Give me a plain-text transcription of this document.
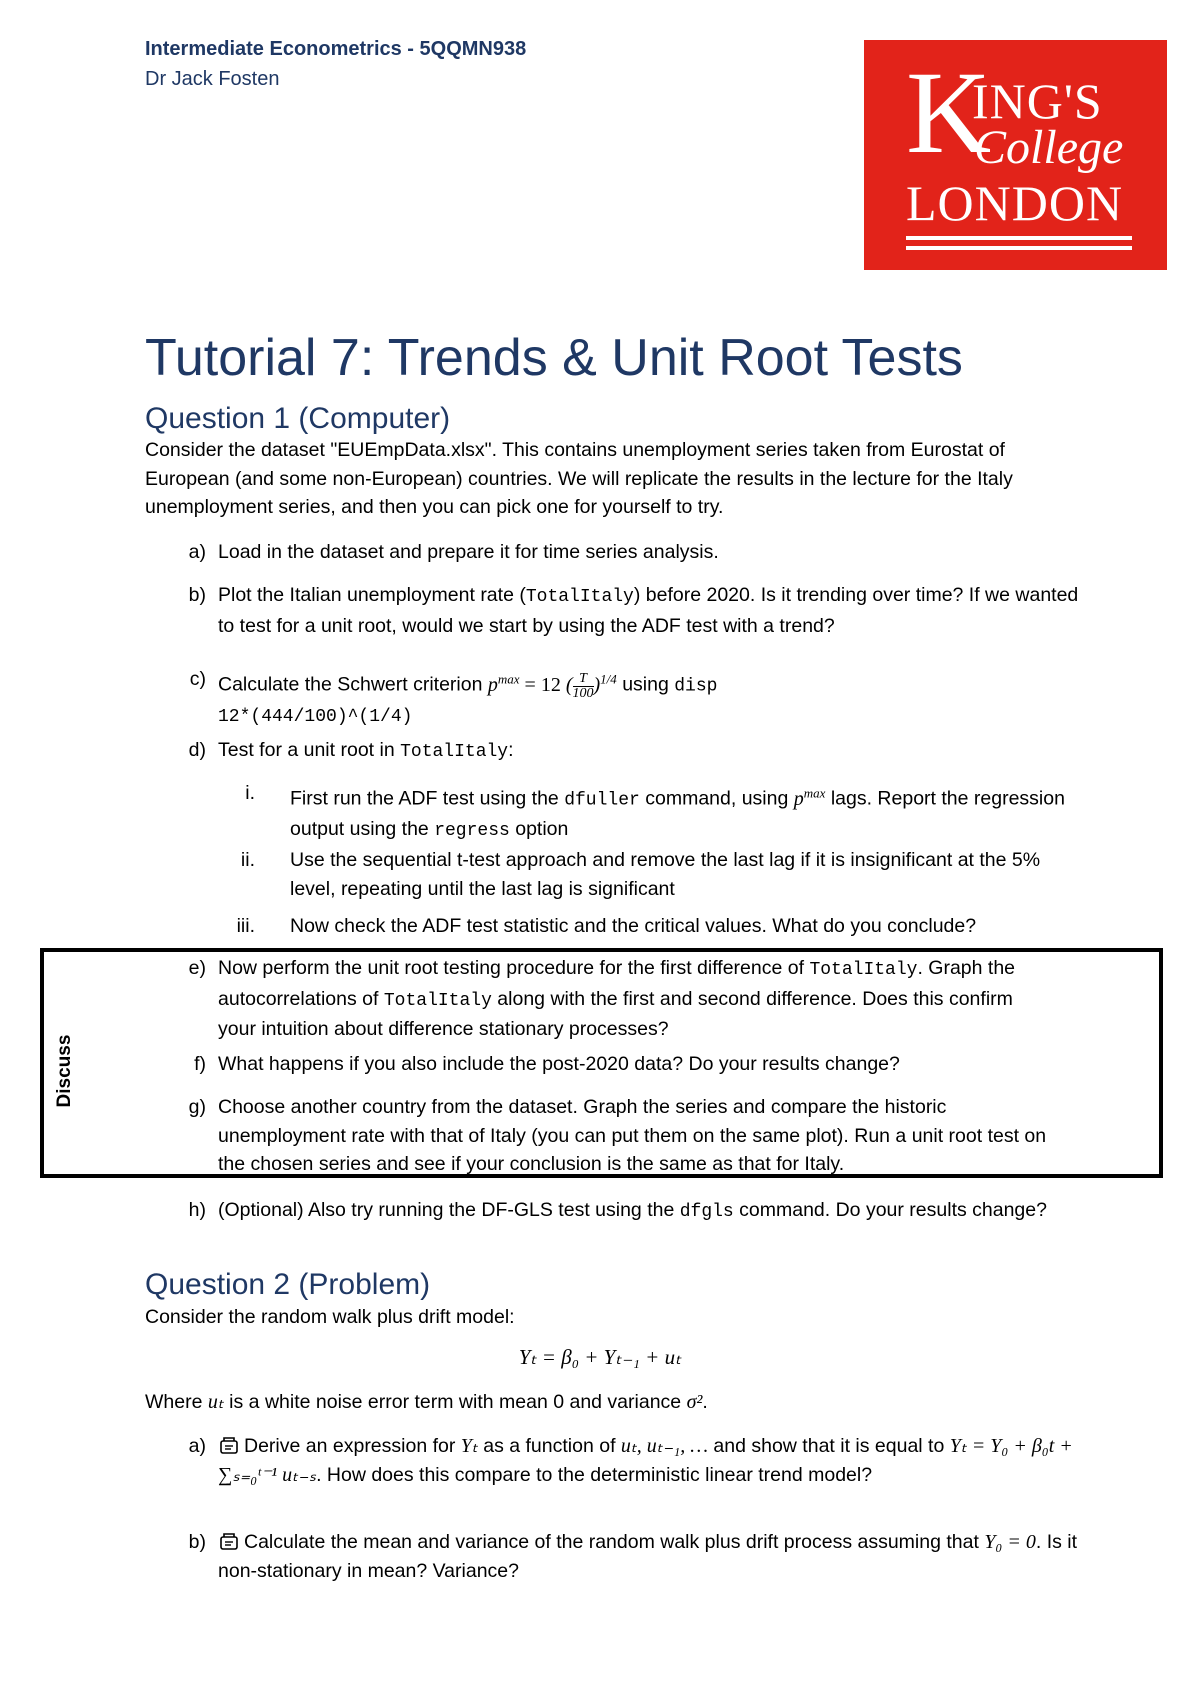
Intermediate Econometrics - 5QQMN938
Dr Jack Fosten	K
ING'S
College
LONDON
Tutorial 7: Trends & Unit Root Tests
Question 1 (Computer)
Consider the dataset "EUEmpData.xlsx". This contains unemployment series taken from Eurostat of European (and some non-European) countries. We will replicate the results in the lecture for the Italy unemployment series, and then you can pick one for yourself to try.
a) Load in the dataset and prepare it for time series analysis.
b) Plot the Italian unemployment rate (TotalItaly) before 2020. Is it trending over time? If we wanted to test for a unit root, would we start by using the ADF test with a trend?
c) Calculate the Schwert criterion $p^{max} = 12$ ( $\frac{T}{100} )^{1/4}$ using disp
12*(444/100)^(1/4)
d) Test for a unit root in TotalItaly:
i. First run the ADF test using the dfuller command, using $p^{max}$ lags. Report the regression output using the regress option
ii. Use the sequential t-test approach and remove the last lag if it is insignificant at the 5% level, repeating until the last lag is significant
iii. Now check the ADF test statistic and the critical values. What do you conclude?
Discuss
e) Now perform the unit root testing procedure for the first difference of TotalItaly. Graph the autocorrelations of TotalItaly along with the first and second difference. Does this confirm your intuition about difference stationary processes?
f) What happens if you also include the post-2020 data? Do your results change?
g) Choose another country from the dataset. Graph the series and compare the historic unemployment rate with that of Italy (you can put them on the same plot). Run a unit root test on the chosen series and see if your conclusion is the same as that for Italy.
h) (Optional) Also try running the DF-GLS test using the dfgls command. Do your results change?
Question 2 (Problem)
Consider the random walk plus drift model:
Yₜ = β₀ + Yₜ₋₁ + uₜ
Where uₜ is a white noise error term with mean 0 and variance σ².
a)	Derive an expression for Yₜ as a function of uₜ, uₜ₋₁, … and show that it is equal to Yₜ = Y₀ + β₀t + ∑ₛ₌₀ᵗ⁻¹ uₜ₋ₛ. How does this compare to the deterministic linear trend model?
b)	Calculate the mean and variance of the random walk plus drift process assuming that Y₀ = 0. Is it non-stationary in mean? Variance?
